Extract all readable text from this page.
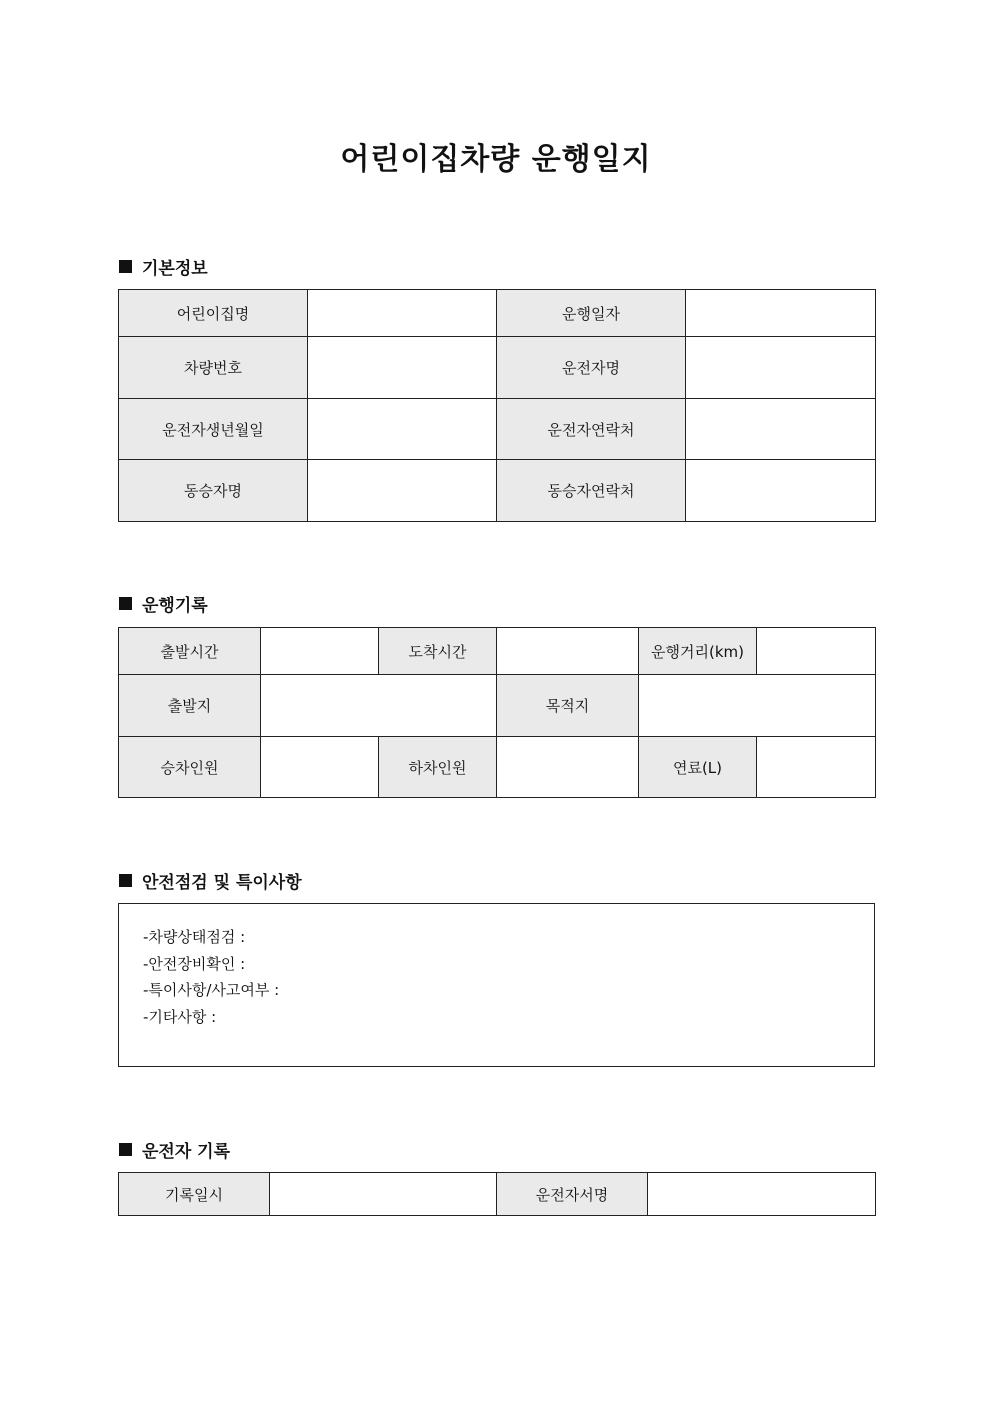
어린이집차량 운행일지
기본정보
어린이집명		운행일자	
차량번호		운전자명	
운전자생년월일		운전자연락처	
동승자명		동승자연락처	
운행기록
출발시간		도착시간		운행거리(km)	
출발지			목적지		
승차인원		하차인원		연료(L)	
안전점검 및 특이사항
-차량상태점검 :
-안전장비확인 :
-특이사항/사고여부 :
-기타사항 :
운전자 기록
기록일시		운전자서명	
